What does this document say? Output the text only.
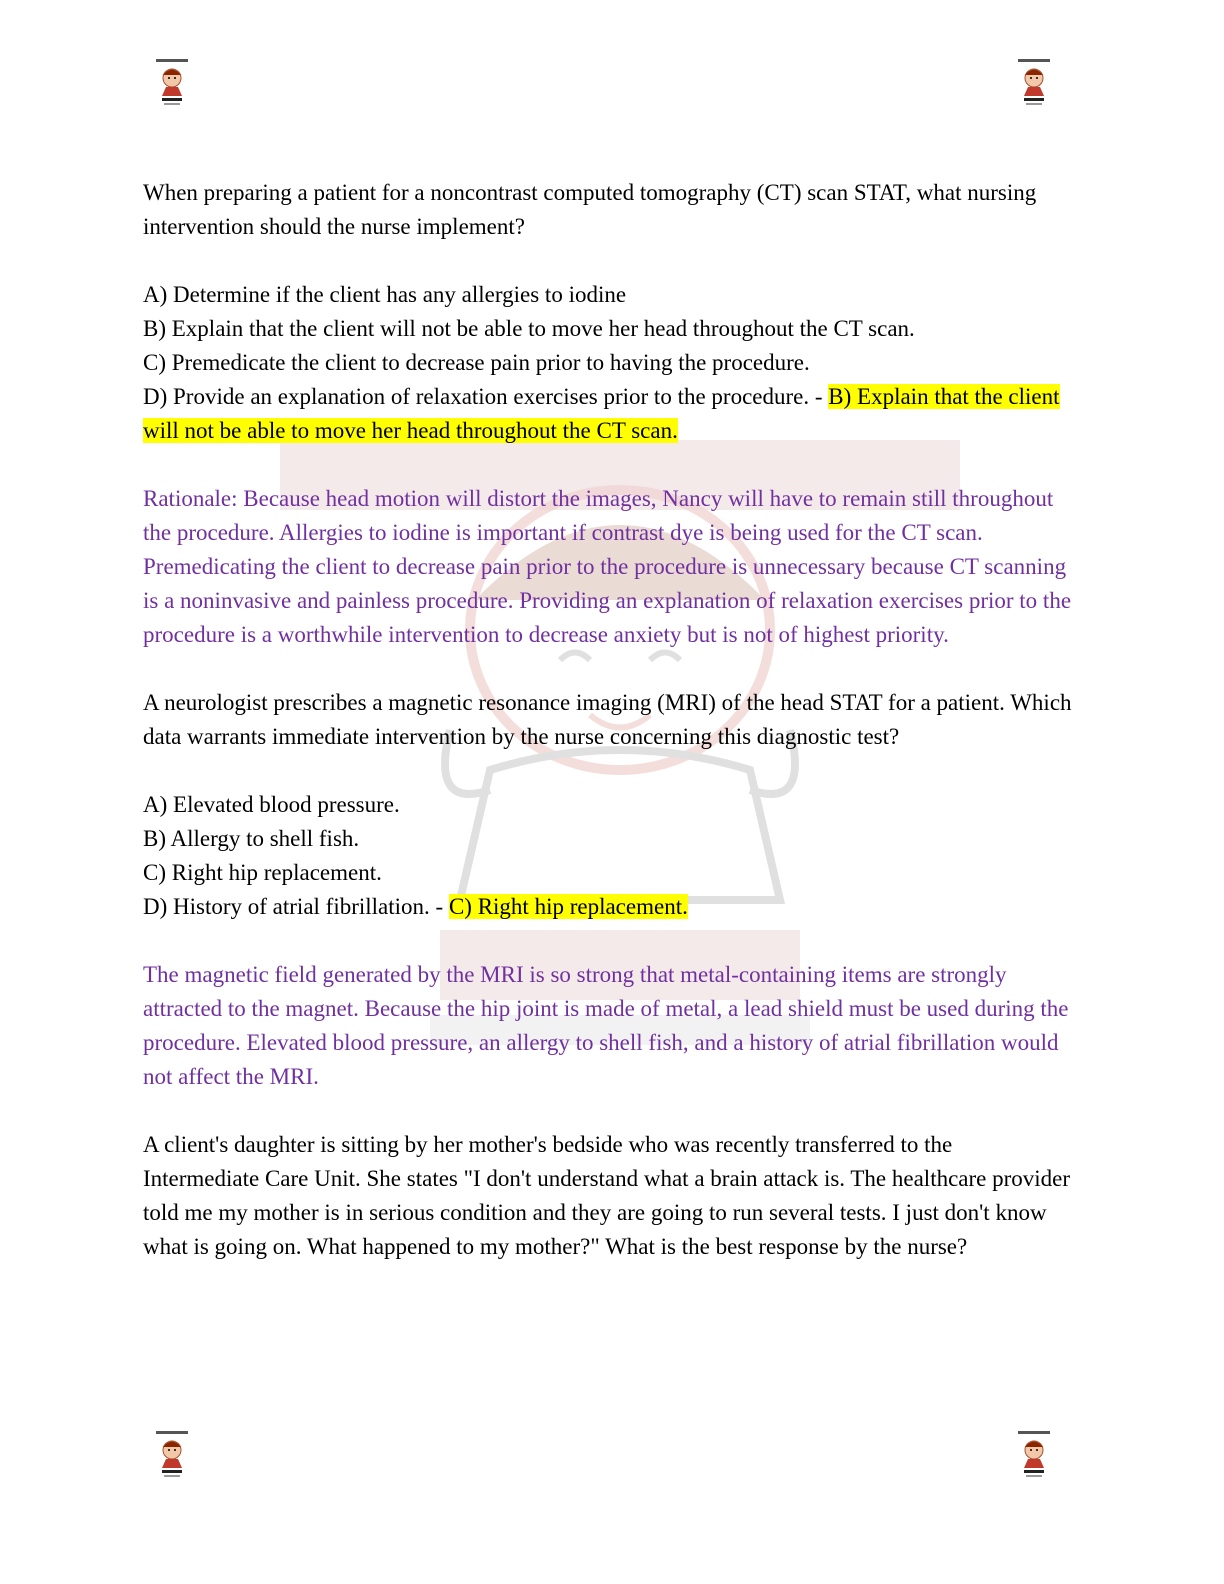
When preparing a patient for a noncontrast computed tomography (CT) scan STAT, what nursing intervention should the nurse implement?

A) Determine if the client has any allergies to iodine
B) Explain that the client will not be able to move her head throughout the CT scan.
C) Premedicate the client to decrease pain prior to having the procedure.
D) Provide an explanation of relaxation exercises prior to the procedure. - B) Explain that the client will not be able to move her head throughout the CT scan.

Rationale: Because head motion will distort the images, Nancy will have to remain still throughout the procedure. Allergies to iodine is important if contrast dye is being used for the CT scan. Premedicating the client to decrease pain prior to the procedure is unnecessary because CT scanning is a noninvasive and painless procedure. Providing an explanation of relaxation exercises prior to the procedure is a worthwhile intervention to decrease anxiety but is not of highest priority.

A neurologist prescribes a magnetic resonance imaging (MRI) of the head STAT for a patient. Which data warrants immediate intervention by the nurse concerning this diagnostic test?

A) Elevated blood pressure.
B) Allergy to shell fish.
C) Right hip replacement.
D) History of atrial fibrillation. - C) Right hip replacement.

The magnetic field generated by the MRI is so strong that metal-containing items are strongly attracted to the magnet. Because the hip joint is made of metal, a lead shield must be used during the procedure. Elevated blood pressure, an allergy to shell fish, and a history of atrial fibrillation would not affect the MRI.

A client's daughter is sitting by her mother's bedside who was recently transferred to the Intermediate Care Unit. She states "I don't understand what a brain attack is. The healthcare provider told me my mother is in serious condition and they are going to run several tests. I just don't know what is going on. What happened to my mother?" What is the best response by the nurse?
